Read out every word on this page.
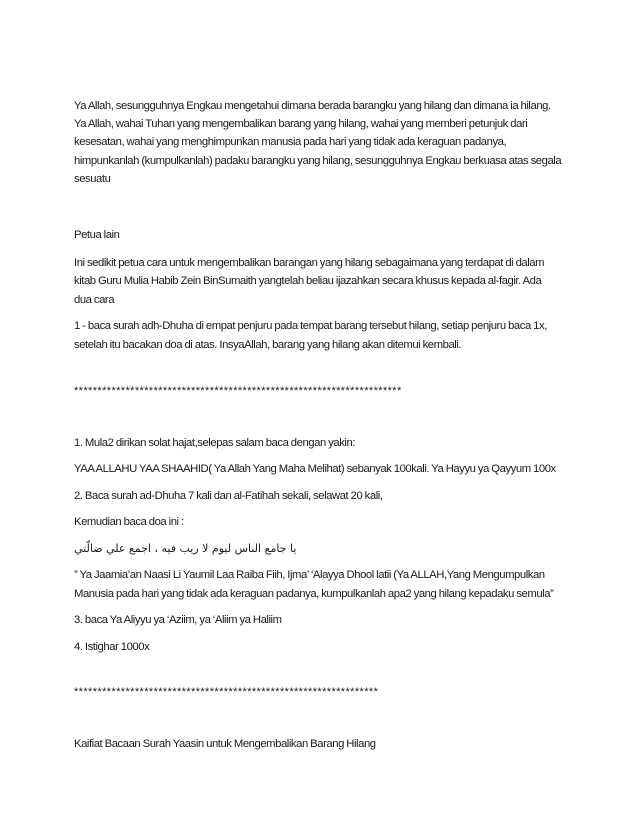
Ya Allah, sesungguhnya Engkau mengetahui dimana berada barangku yang hilang dan dimana ia hilang.
Ya Allah, wahai Tuhan yang mengembalikan barang yang hilang, wahai yang memberi petunjuk dari
kesesatan, wahai yang menghimpunkan manusia pada hari yang tidak ada keraguan padanya,
himpunkanlah (kumpulkanlah) padaku barangku yang hilang, sesungguhnya Engkau berkuasa atas segala
sesuatu

Petua lain

Ini sedikit petua cara untuk mengembalikan barangan yang hilang sebagaimana yang terdapat di dalam
kitab Guru Mulia Habib Zein BinSumaith yangtelah beliau ijazahkan secara khusus kepada al-fagir. Ada
dua cara

1 - baca surah adh-Dhuha di empat penjuru pada tempat barang tersebut hilang, setiap penjuru baca 1x,
setelah itu bacakan doa di atas. InsyaAllah, barang yang hilang akan ditemui kembali.

**********************************************************************

1. Mula2 dirikan solat hajat,selepas salam baca dengan yakin:

YAA ALLAHU YAA SHAAHID( Ya Allah Yang Maha Melihat) sebanyak 100kali. Ya Hayyu ya Qayyum 100x

2. Baca surah ad-Dhuha 7 kali dan al-Fatihah sekali, selawat 20 kali,

Kemudian baca doa ini :

يا جامع الناس ليوم لا ريب فيه ، اجمع علي ضالّتي

” Ya Jaamia’an Naasi Li Yaumil Laa Raiba Fiih, Ijma’ ‘Alayya Dhool latii (Ya ALLAH,Yang Mengumpulkan
Manusia pada hari yang tidak ada keraguan padanya, kumpulkanlah apa2 yang hilang kepadaku semula”

3. baca Ya Aliyyu ya ‘Aziim, ya ‘Aliim ya Haliim

4. Istighar 1000x

*****************************************************************

Kaifiat Bacaan Surah Yaasin untuk Mengembalikan Barang Hilang
